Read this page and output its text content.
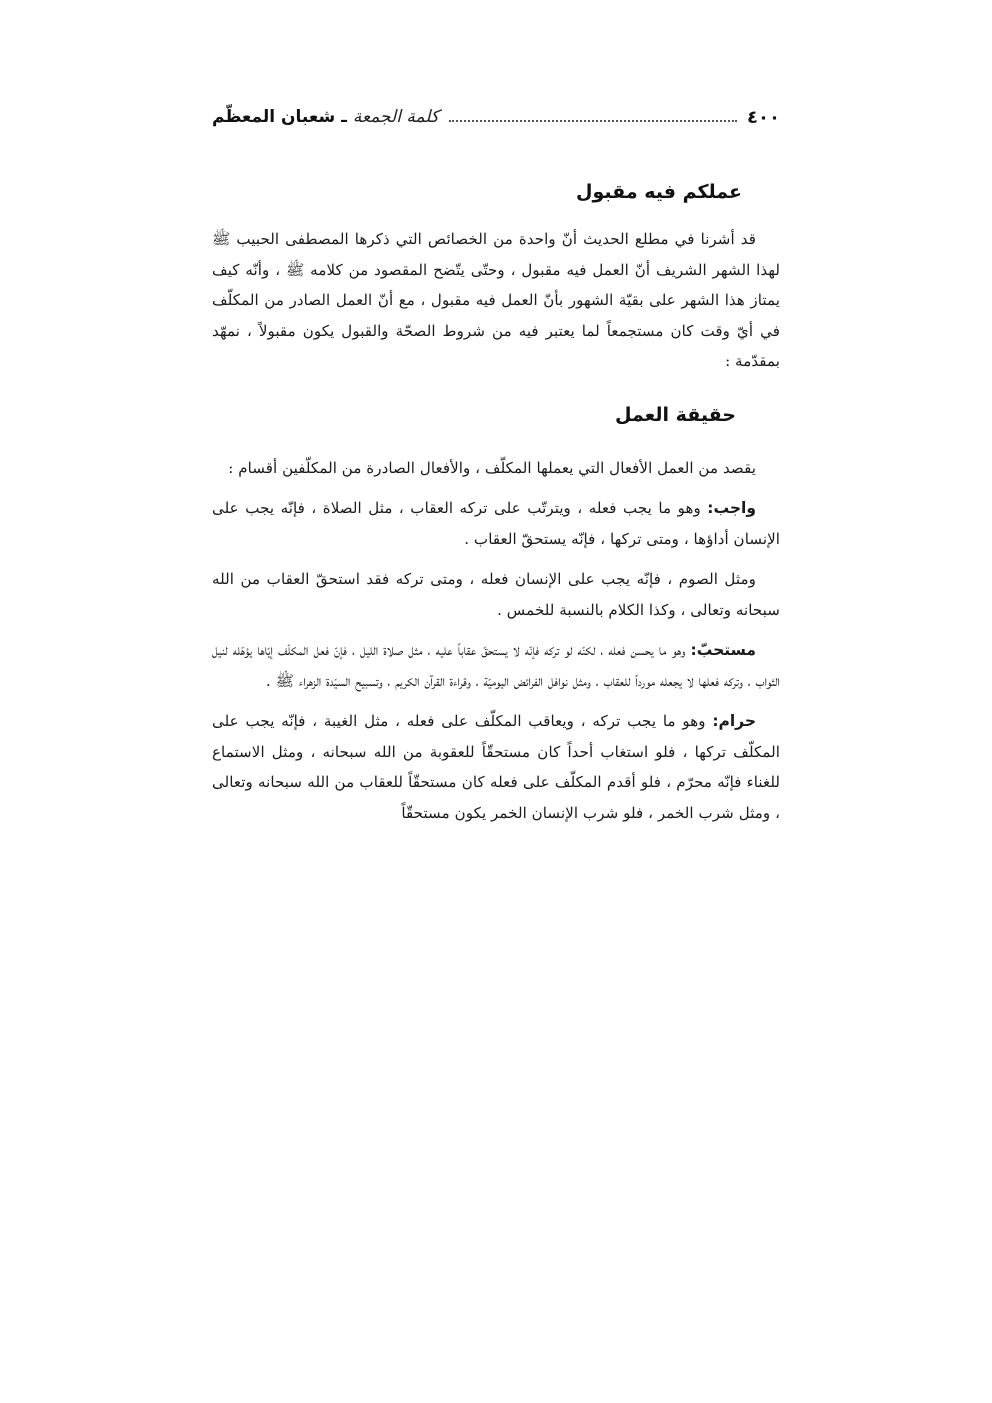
ـ شعبان المعظّم كلمة الجمعة	٤٠٠
عملكم فيه مقبول

قد أشرنا في مطلع الحديث أنّ واحدة من الخصائص التي ذكرها المصطفى الحبيب ﷺ لهذا الشهر الشريف أنّ العمل فيه مقبول ، وحتّى يتّضح المقصود من كلامه ﷺ ، وأنّه كيف يمتاز هذا الشهر على بقيّة الشهور بأنّ العمل فيه مقبول ، مع أنّ العمل الصادر من المكلّف في أيّ وقت كان مستجمعاً لما يعتبر فيه من شروط الصحّة والقبول يكون مقبولاً ، نمهّد بمقدّمة :

حقيقة العمل

يقصد من العمل الأفعال التي يعملها المكلّف ، والأفعال الصادرة من المكلّفين أقسام :

واجب: وهو ما يجب فعله ، ويترتّب على تركه العقاب ، مثل الصلاة ، فإنّه يجب على الإنسان أداؤها ، ومتى تركها ، فإنّه يستحقّ العقاب .

ومثل الصوم ، فإنّه يجب على الإنسان فعله ، ومتى تركه فقد استحقّ العقاب من الله سبحانه وتعالى ، وكذا الكلام بالنسبة للخمس .

مستحبّ: وهو ما يحسن فعله ، لكنّه لو تركه فإنّه لا يستحقّ عقاباً عليه ، مثل صلاة الليل ، فإنّ فعل المكلّف إيّاها يؤهّله لنيل الثواب ، وتركه فعلها لا يجعله مورداً للعقاب ، ومثل نوافل الفرائض اليوميّة ، وقراءة القرآن الكريم ، وتسبيح السيّدة الزهراء ﷺ .

حرام: وهو ما يجب تركه ، ويعاقب المكلّف على فعله ، مثل الغيبة ، فإنّه يجب على المكلّف تركها ، فلو استغاب أحداً كان مستحقّاً للعقوبة من الله سبحانه ، ومثل الاستماع للغناء فإنّه محرّم ، فلو أقدم المكلّف على فعله كان مستحقّاً للعقاب من الله سبحانه وتعالى ، ومثل شرب الخمر ، فلو شرب الإنسان الخمر يكون مستحقّاً
